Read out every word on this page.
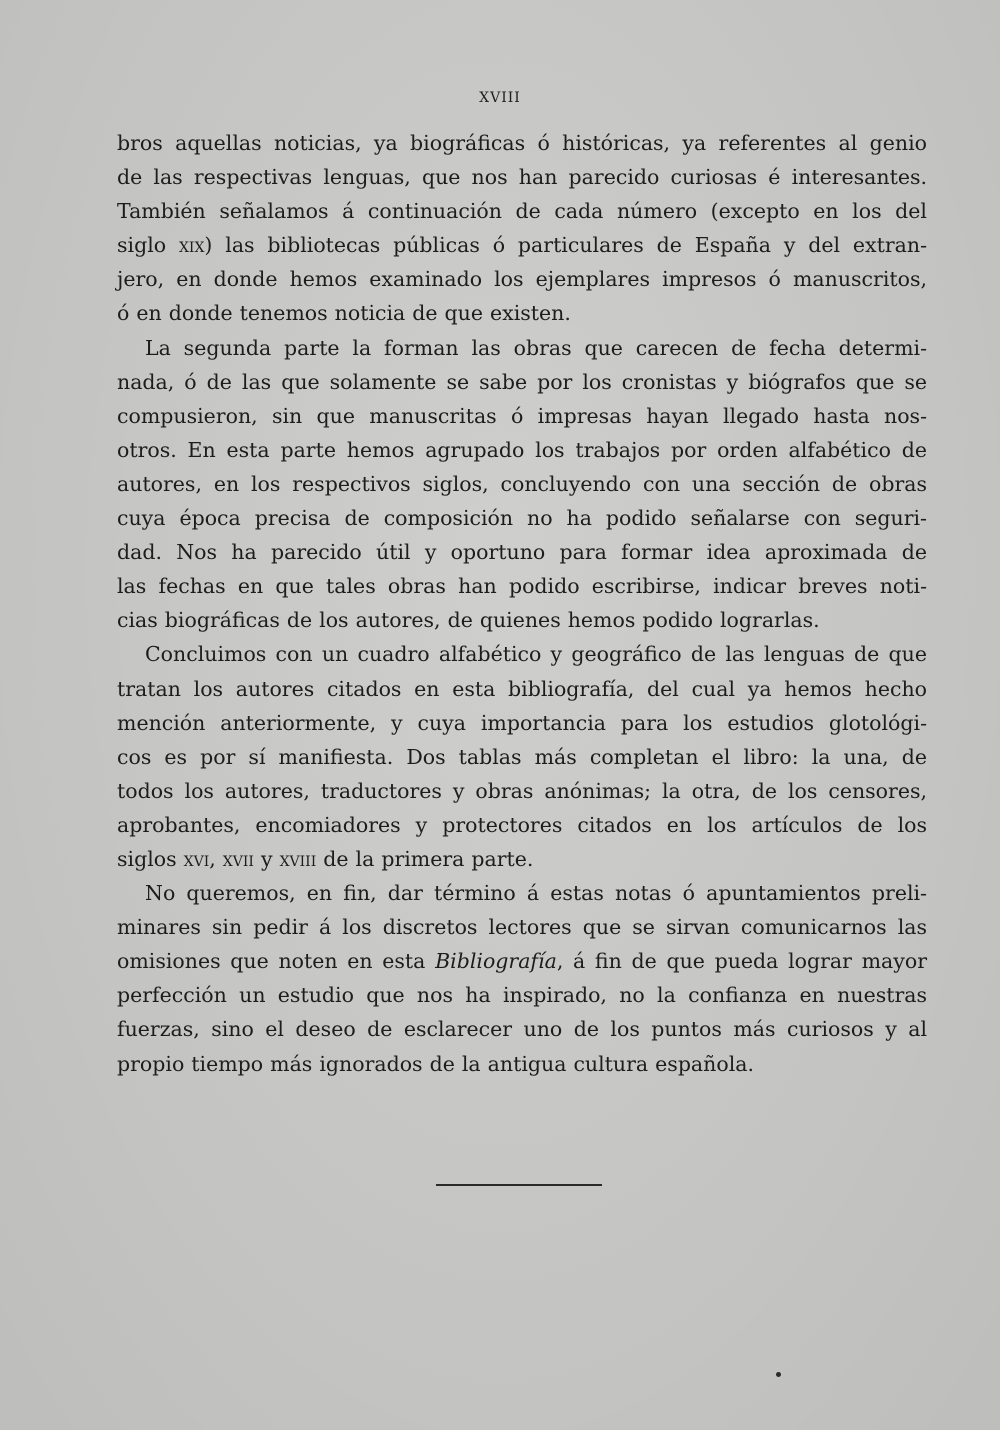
XVIII
bros aquellas noticias, ya biográficas ó históricas, ya referentes al genio
de las respectivas lenguas, que nos han parecido curiosas é interesantes.
También señalamos á continuación de cada número (excepto en los del
siglo xix) las bibliotecas públicas ó particulares de España y del extran-
jero, en donde hemos examinado los ejemplares impresos ó manuscritos,
ó en donde tenemos noticia de que existen.
La segunda parte la forman las obras que carecen de fecha determi-
nada, ó de las que solamente se sabe por los cronistas y biógrafos que se
compusieron, sin que manuscritas ó impresas hayan llegado hasta nos-
otros. En esta parte hemos agrupado los trabajos por orden alfabético de
autores, en los respectivos siglos, concluyendo con una sección de obras
cuya época precisa de composición no ha podido señalarse con seguri-
dad. Nos ha parecido útil y oportuno para formar idea aproximada de
las fechas en que tales obras han podido escribirse, indicar breves noti-
cias biográficas de los autores, de quienes hemos podido lograrlas.
Concluimos con un cuadro alfabético y geográfico de las lenguas de que
tratan los autores citados en esta bibliografía, del cual ya hemos hecho
mención anteriormente, y cuya importancia para los estudios glotológi-
cos es por sí manifiesta. Dos tablas más completan el libro: la una, de
todos los autores, traductores y obras anónimas; la otra, de los censores,
aprobantes, encomiadores y protectores citados en los artículos de los
siglos xvi, xvii y xviii de la primera parte.
No queremos, en fin, dar término á estas notas ó apuntamientos preli-
minares sin pedir á los discretos lectores que se sirvan comunicarnos las
omisiones que noten en esta Bibliografía, á fin de que pueda lograr mayor
perfección un estudio que nos ha inspirado, no la confianza en nuestras
fuerzas, sino el deseo de esclarecer uno de los puntos más curiosos y al
propio tiempo más ignorados de la antigua cultura española.
